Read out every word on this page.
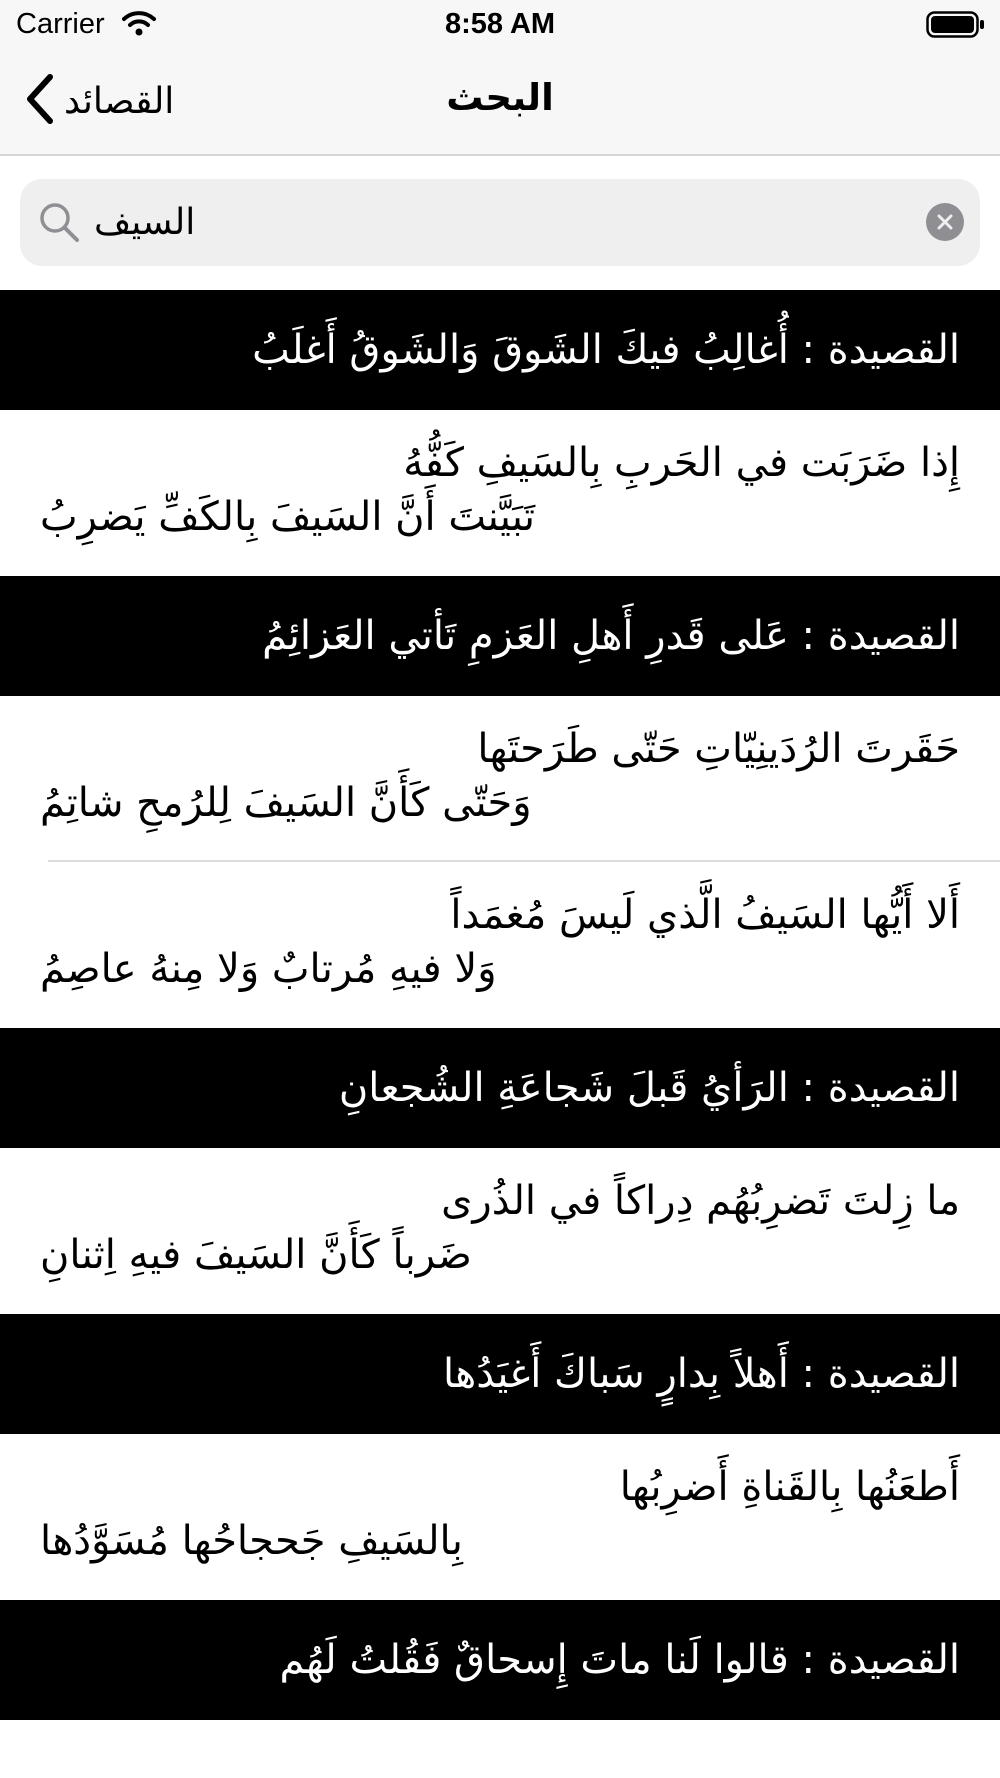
Carrier	8:58 AM
القصائد	البحث
السيف
القصيدة : أُغالِبُ فيكَ الشَوقَ وَالشَوقُ أَغلَبُ
إِذا ضَرَبَت في الحَربِ بِالسَيفِ كَفُّهُ
تَبَيَّنتَ أَنَّ السَيفَ بِالكَفِّ يَضرِبُ
القصيدة : عَلى قَدرِ أَهلِ العَزمِ تَأتي العَزائِمُ
حَقَرتَ الرُدَينِيّاتِ حَتّى طَرَحتَها
وَحَتّى كَأَنَّ السَيفَ لِلرُمحِ شاتِمُ
أَلا أَيُّها السَيفُ الَّذي لَيسَ مُغمَداً
وَلا فيهِ مُرتابٌ وَلا مِنهُ عاصِمُ
القصيدة : الرَأيُ قَبلَ شَجاعَةِ الشُجعانِ
ما زِلتَ تَضرِبُهُم دِراكاً في الذُرى
ضَرباً كَأَنَّ السَيفَ فيهِ اِثنانِ
القصيدة : أَهلاً بِدارٍ سَباكَ أَغيَدُها
أَطعَنُها بِالقَناةِ أَضرِبُها
بِالسَيفِ جَحجاحُها مُسَوَّدُها
القصيدة : قالوا لَنا ماتَ إِسحاقٌ فَقُلتُ لَهُم
